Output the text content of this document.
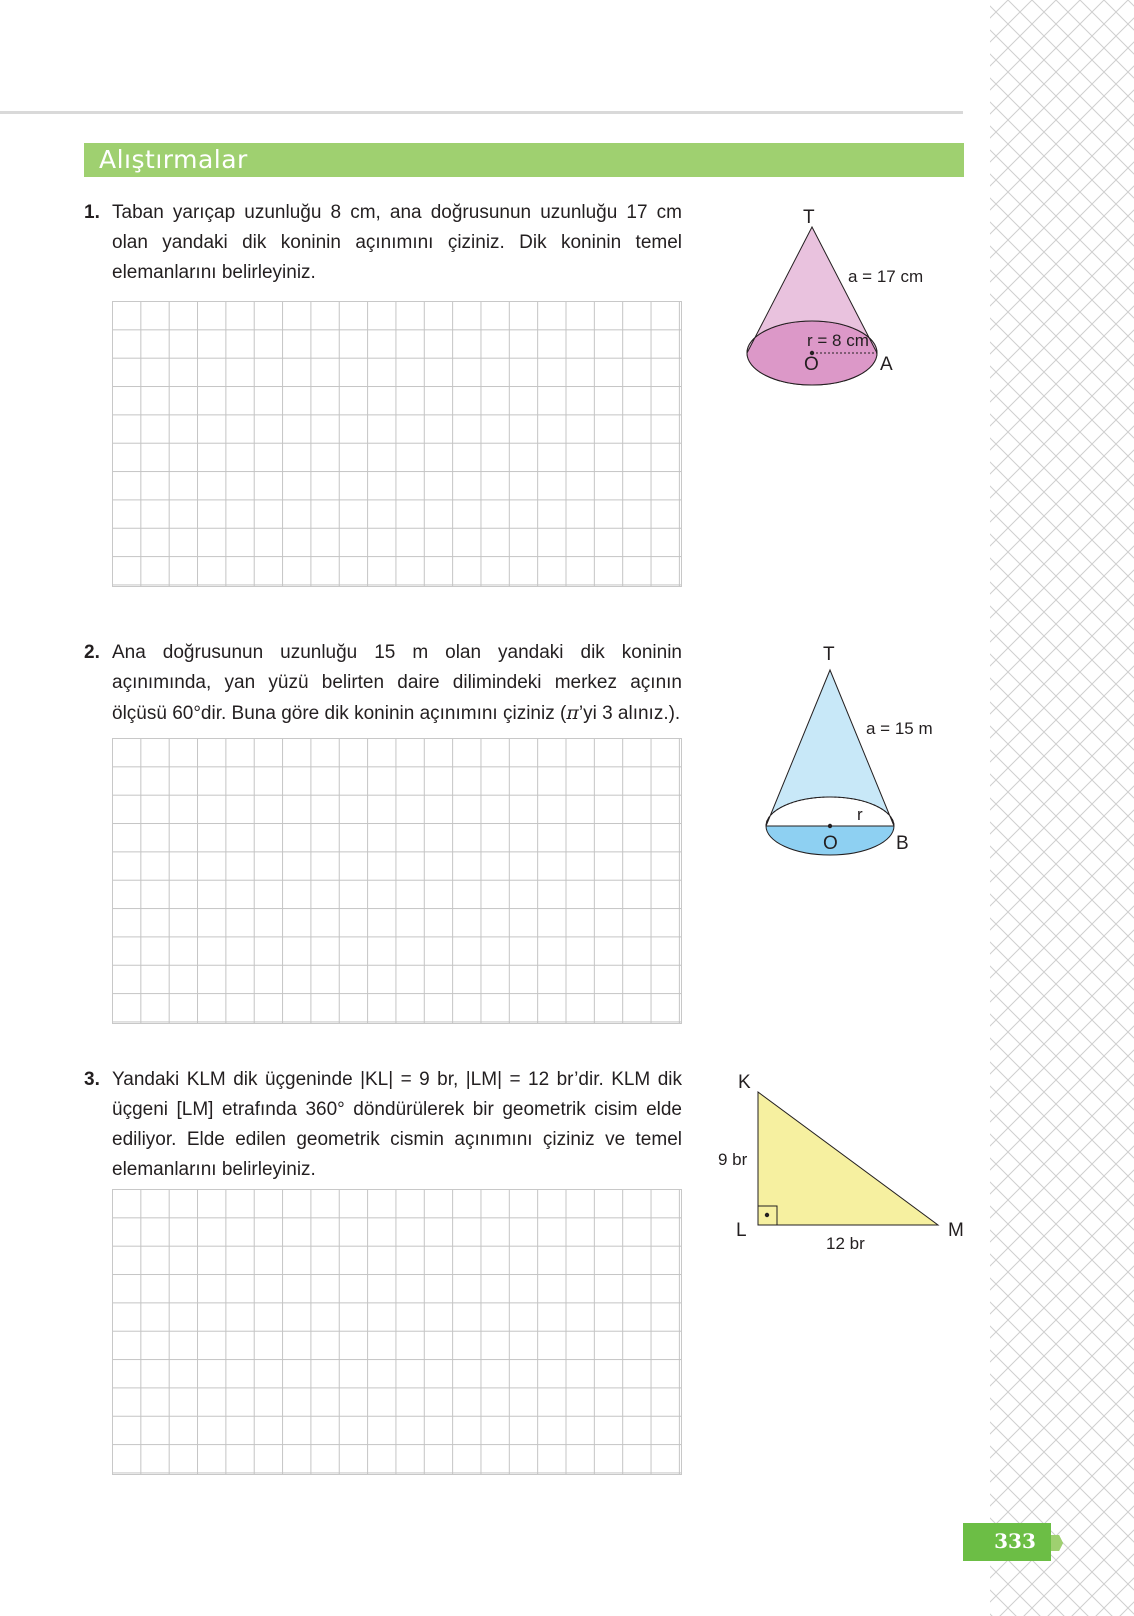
Alıştırmalar
1. Taban yarıçap uzunluğu 8 cm, ana doğrusunun uzunluğu 17 cm olan yandaki dik koninin açınımını çiziniz. Dik koninin temel elemanlarını belirleyiniz.
T
a = 17 cm
r = 8 cm
O	A
2. Ana doğrusunun uzunluğu 15 m olan yandaki dik koninin açınımında, yan yüzü belirten daire dilimindeki merkez açının ölçüsü 60°dir. Buna göre dik koninin açınımını çiziniz (π’yi 3 alınız.).
T
a = 15 m
r
O	B
3. Yandaki KLM dik üçgeninde |KL| = 9 br, |LM| = 12 br’dir. KLM dik üçgeni [LM] etrafında 360° döndürülerek bir geometrik cisim elde ediliyor. Elde edilen geometrik cismin açınımını çiziniz ve temel elemanlarını belirleyiniz.
K
L	M
9 br
12 br
333
